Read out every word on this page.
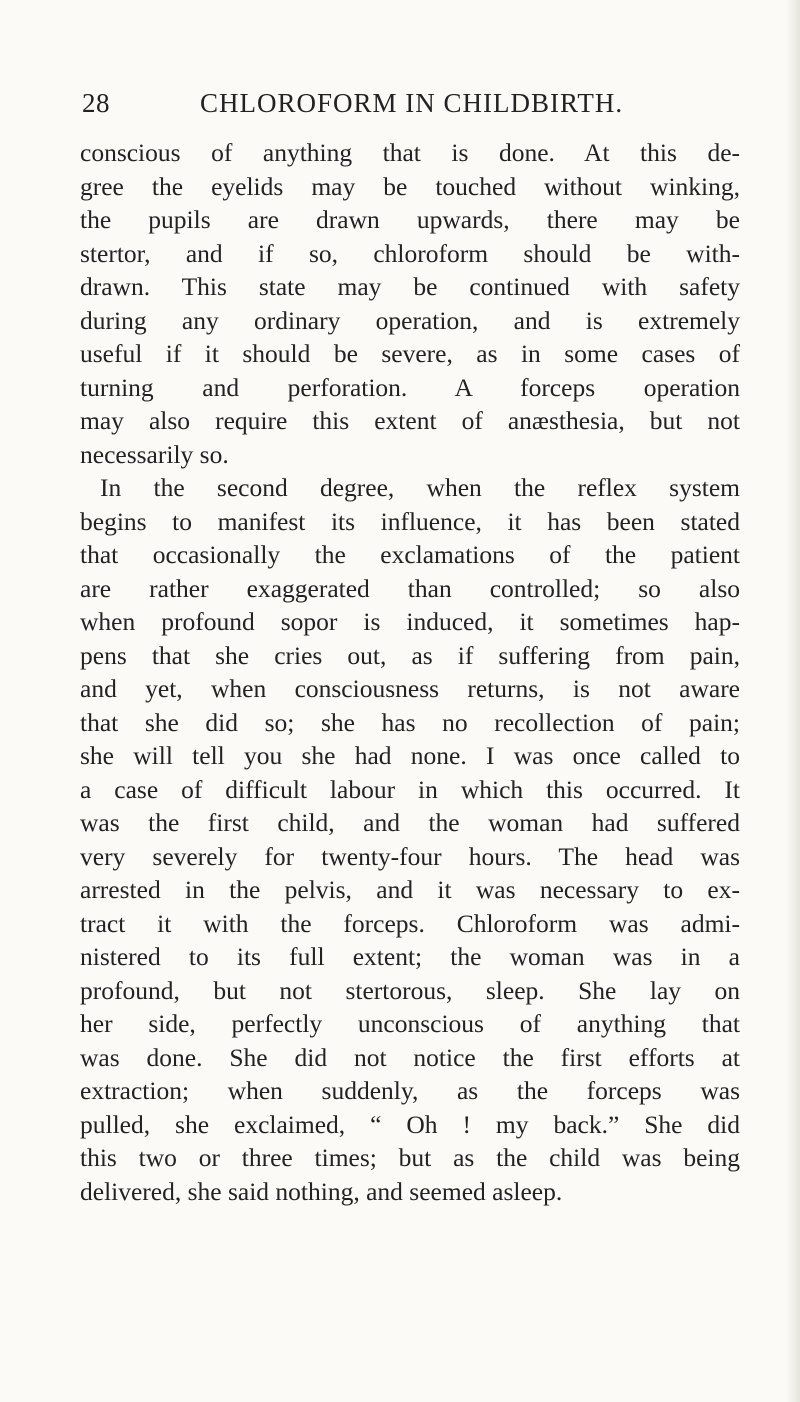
28	CHLOROFORM IN CHILDBIRTH.
conscious of anything that is done. At this de-
gree the eyelids may be touched without winking,
the pupils are drawn upwards, there may be
stertor, and if so, chloroform should be with-
drawn. This state may be continued with safety
during any ordinary operation, and is extremely
useful if it should be severe, as in some cases of
turning and perforation. A forceps operation
may also require this extent of anæsthesia, but not
necessarily so.
In the second degree, when the reflex system
begins to manifest its influence, it has been stated
that occasionally the exclamations of the patient
are rather exaggerated than controlled; so also
when profound sopor is induced, it sometimes hap-
pens that she cries out, as if suffering from pain,
and yet, when consciousness returns, is not aware
that she did so; she has no recollection of pain;
she will tell you she had none. I was once called to
a case of difficult labour in which this occurred. It
was the first child, and the woman had suffered
very severely for twenty-four hours. The head was
arrested in the pelvis, and it was necessary to ex-
tract it with the forceps. Chloroform was admi-
nistered to its full extent; the woman was in a
profound, but not stertorous, sleep. She lay on
her side, perfectly unconscious of anything that
was done. She did not notice the first efforts at
extraction; when suddenly, as the forceps was
pulled, she exclaimed, “ Oh ! my back.” She did
this two or three times; but as the child was being
delivered, she said nothing, and seemed asleep.
